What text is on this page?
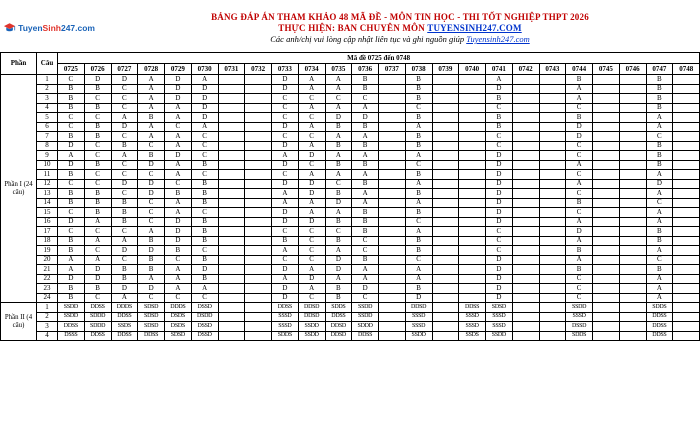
TuyenSinh247.com
BẢNG ĐÁP ÁN THAM KHẢO 48 MÃ ĐỀ - MÔN TIN HỌC - THI TỐT NGHIỆP THPT 2026
THỰC HIỆN: BAN CHUYÊN MÔN TUYENSINH247.COM
Các anh/chị vui lòng cập nhật liên tục và ghi nguồn giúp Tuyensinh247.com
Phần	Câu	Mã đề 0725 đến 0748																							
		0725	0726	0727	0728	0729	0730	0731	0732	0733	0734	0735	0736	0737	0738	0739	0740	0741	0742	0743	0744	0745	0746	0747	0748
Phần I (24 câu)	1	C	D	D	A	D	A			D	A	A	B		B			A			B			B	
	2	B	B	C	A	D	D			D	A	A	B		B			D			A			B	
	3	B	C	C	A	D	D			C	C	C	C		B			B			A			B	
	4	B	B	C	A	A	D			C	A	A	A		C			C			C			B	
	5	C	C	A	B	A	D			C	C	D	D		B			B			B			A	
	6	C	B	D	A	C	A			D	A	B	B		A			B			D			A	
	7	B	B	C	A	A	C			C	C	A	A		B			C			D			C	
	8	D	C	B	C	A	C			D	A	B	B		B			C			C			B	
	9	A	C	A	B	D	C			A	D	A	A		A			D			C			B	
	10	D	B	C	D	A	B			D	C	B	B		C			D			A			B	
	11	B	C	C	C	A	C			C	A	A	A		B			D			C			A	
	12	C	C	D	D	C	B			D	D	C	B		A			D			A			D	
	13	B	B	C	D	B	B			A	D	B	A		B			D			C			A	
	14	B	B	B	C	A	B			A	A	D	A		A			D			B			C	
	15	C	B	B	C	A	C			D	A	A	B		B			D			C			A	
	16	D	A	B	C	D	B			D	D	B	B		C			D			A			A	
	17	C	C	C	A	D	B			C	C	C	B		A			C			D			B	
	18	B	A	A	B	D	B			B	C	B	C		B			C			A			B	
	19	B	C	D	D	B	C			A	C	A	C		B			C			B			A	
	20	A	A	C	B	C	B			C	C	D	B		C			D			A			C	
	21	A	D	B	B	A	D			D	A	D	A		A			D			B			B	
	22	D	D	B	A	A	B			A	D	A	A		A			D			C			A	
	23	B	B	D	D	A	A			D	A	B	D		B			D			C			A	
	24	B	C	A	C	C	C			D	C	B	C		D			D			C			A	
Phần II (4 câu)	1	SSDD	DDSS	DDDS	SDSD	DDDS	DSSD			DDSS	DDSD	SDDS	SSDD		DDSD		DDSS	SDSD			SSDD			SDDS	
	2	SSDD	SDDD	DDSS	SDSD	DSDS	DSDD			SSSD	DDSD	DDSS	SSDD		SSSD		SSSD	SSSD			SSSD			DDSS	
	3	DDSS	SDDD	SSDS	SDSD	DSDS	DSSD			SSSD	SSDD	DDSD	SDDD		SSSD		SSSD	SSSD			DSSD			DDSS	
	4	DSSS	DDSS	DDSS	DDSS	SDSD	DSSD			SDDS	SSDD	DDSD	DDSS		SSDD		SSDS	SSDD			SDDS			DDSS	
